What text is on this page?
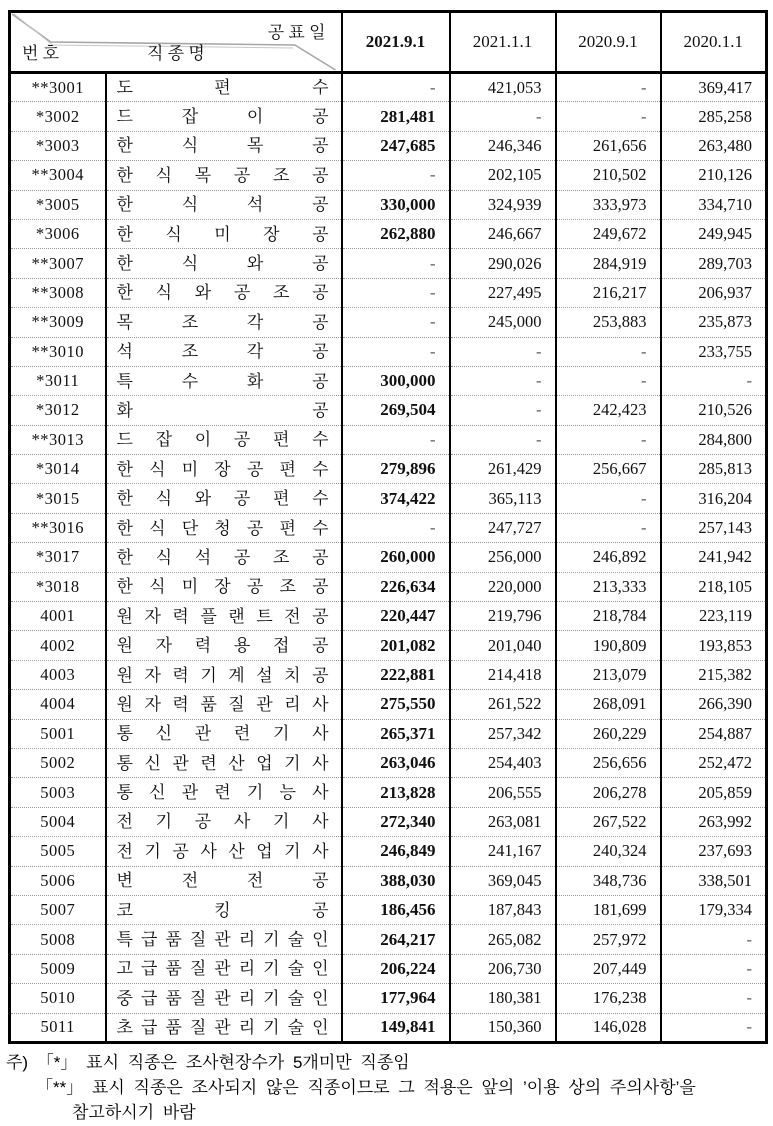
공 표 일
번 호 직 종 명		2021.9.1	2021.1.1	2020.9.1	2020.1.1
**3001	도 편 수	-	421,053	-	369,417
*3002	드 잡 이 공	281,481	-	-	285,258
*3003	한 식 목 공	247,685	246,346	261,656	263,480
**3004	한 식 목 공 조 공	-	202,105	210,502	210,126
*3005	한 식 석 공	330,000	324,939	333,973	334,710
*3006	한 식 미 장 공	262,880	246,667	249,672	249,945
**3007	한 식 와 공	-	290,026	284,919	289,703
**3008	한 식 와 공 조 공	-	227,495	216,217	206,937
**3009	목 조 각 공	-	245,000	253,883	235,873
**3010	석 조 각 공	-	-	-	233,755
*3011	특 수 화 공	300,000	-	-	-
*3012	화 공	269,504	-	242,423	210,526
**3013	드 잡 이 공 편 수	-	-	-	284,800
*3014	한 식 미 장 공 편 수	279,896	261,429	256,667	285,813
*3015	한 식 와 공 편 수	374,422	365,113	-	316,204
**3016	한 식 단 청 공 편 수	-	247,727	-	257,143
*3017	한 식 석 공 조 공	260,000	256,000	246,892	241,942
*3018	한 식 미 장 공 조 공	226,634	220,000	213,333	218,105
4001	원 자 력 플 랜 트 전 공	220,447	219,796	218,784	223,119
4002	원 자 력 용 접 공	201,082	201,040	190,809	193,853
4003	원 자 력 기 계 설 치 공	222,881	214,418	213,079	215,382
4004	원 자 력 품 질 관 리 사	275,550	261,522	268,091	266,390
5001	통 신 관 련 기 사	265,371	257,342	260,229	254,887
5002	통 신 관 련 산 업 기 사	263,046	254,403	256,656	252,472
5003	통 신 관 련 기 능 사	213,828	206,555	206,278	205,859
5004	전 기 공 사 기 사	272,340	263,081	267,522	263,992
5005	전 기 공 사 산 업 기 사	246,849	241,167	240,324	237,693
5006	변 전 전 공	388,030	369,045	348,736	338,501
5007	코 킹 공	186,456	187,843	181,699	179,334
5008	특 급 품 질 관 리 기 술 인	264,217	265,082	257,972	-
5009	고 급 품 질 관 리 기 술 인	206,224	206,730	207,449	-
5010	중 급 품 질 관 리 기 술 인	177,964	180,381	176,238	-
5011	초 급 품 질 관 리 기 술 인	149,841	150,360	146,028	-
주) 「*」 표시 직종은 조사현장수가 5개미만 직종임
「**」 표시 직종은 조사되지 않은 직종이므로 그 적용은 앞의 ’이용 상의 주의사항’을
참고하시기 바람
